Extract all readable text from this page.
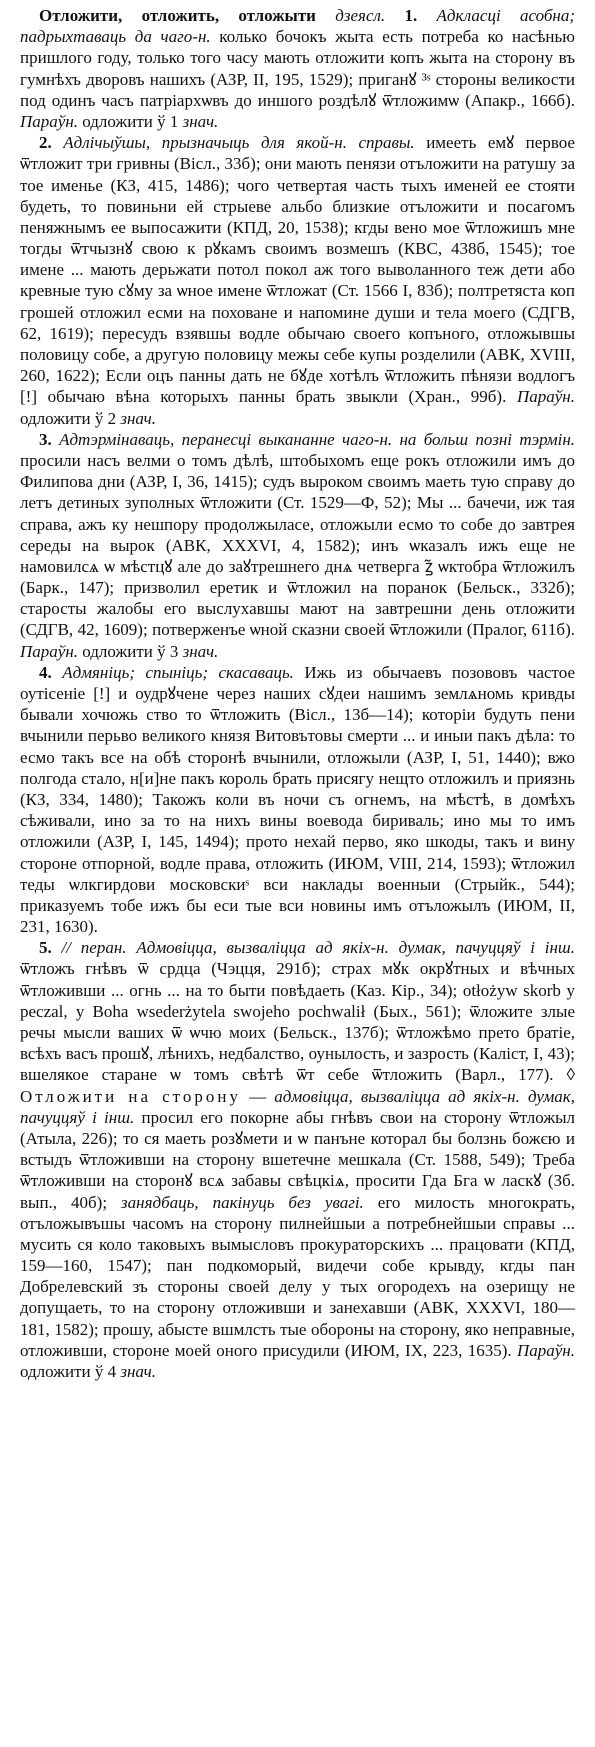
Отложити, отложить, отложыти дзеясл. 1. Адкласці асобна; падрыхтаваць да чаго-н. колько бочокъ жыта есть потреба ко насѣнью пришлого году, только того часу мають отложити копъ жыта на сторону въ гумнѣхъ дворовъ нашихъ (АЗР, II, 195, 1529); приганꙋ ³ˢ стороны великости под одинъ часъ патріархѡвъ до иншого роздѣлꙋ ѿтложимѡ (Апакр., 166б). Параўн. одложити ў 1 знач.

2. Адлічыўшы, прызначыць для якой-н. справы. имееть емꙋ первое ѿтложит три гривны (Вісл., 33б); они мають пенязи отъложити на ратушу за тое именье (КЗ, 415, 1486); чого четвертая часть тыхъ имeней ее стояти будеть, то повиньни ей стрыеве альбо близкие отъложити и посагомъ пеняжнымъ ее выпосажити (КПД, 20, 1538); кгды вено мое ѿтложишъ мне тогды ѿтчызнꙋ свою к рꙋкамъ своимъ возмешъ (КВС, 438б, 1545); тое имене ... мають дерьжати потол покол аж того выволанного теж дети або кревные тую сꙋму за ѡное имене ѿтложат (Ст. 1566 I, 83б); полтретяста коп грошей отложил есми на поховане и напомине души и тела моего (СДГВ, 62, 1619); пересудъ взявшы водле обычаю своего копъного, отложывшы половицу собе, а другую половицу межы себе купы розделили (АВК, XVIII, 260, 1622); Если оцъ панны дать не бꙋде хотѣлъ ѿтложить пѣнязи водлогъ [!] обычаю вѣна которыхъ панны брать звыкли (Хран., 99б). Параўн. одложити ў 2 знач.

3. Адтэрмінаваць, перанесці выкананне чаго-н. на больш позні тэрмін. просили насъ велми о томъ дѣлѣ, штобыхомъ еще рокъ отложили имъ до Филипова дни (АЗР, I, 36, 1415); судъ выроком своимъ маеть тую справу до летъ детиных зуполных ѿтложити (Ст. 1529—Ф, 52); Мы ... бачечи, иж тая справа, ажъ ку нешпору продолжыласе, отложыли есмо то собе до завтрея середы на вырок (АВК, XXXVI, 4, 1582); инъ ѡказалъ ижъ еще не намовилсѧ ѡ мѣстцꙋ але до заꙋтрешнего днѧ четверга ꙁ̃ ѡктобра ѿтложилъ (Барк., 147); призволил еретик и ѿтложил на поранок (Бельск., 332б); старосты жалобы его выслухавшы мают на завтрешни день отложити (СДГВ, 42, 1609); потверженъе ѡной сказни своей ѿтложили (Пралог, 611б). Параўн. одложити ў 3 знач.

4. Адмяніць; спыніць; скасаваць. Ижь из обычаевъ позововъ частое оутісеніе [!] и оудрꙋчене через наших сꙋдеи нашимъ землѧномь кривды бывали хочюжь ство то ѿтложить (Вісл., 13б—14); которіи будуть пени вчынили перьво великого князя Витовътовы смерти ... и иныи пакъ дѣла: то есмо такъ все на обѣ сторонѣ вчынили, отложыли (АЗР, I, 51, 1440); вжо полгода стало, н[и]не пакъ король брать присягу нещто отложилъ и приязнь (КЗ, 334, 1480); Такожъ коли въ ночи съ огнемъ, на мѣстѣ, в домѣхъ сѣживали, ино за то на нихъ вины воевода бириваль; ино мы то имъ отложили (АЗР, I, 145, 1494); прото нехай перво, яко шкоды, такъ и вину стороне отпорной, водле права, отложить (ИЮМ, VIII, 214, 1593); ѿтложил теды ѡлкгирдови московскиˢ вси наклады военныи (Стрыйк., 544); приказуемъ тобе ижъ бы еси тые вси новины имъ отъложылъ (ИЮМ, II, 231, 1630).

5. // перан. Адмовіцца, вызваліцца ад якіх-н. думак, пачуццяў і інш. ѿтложъ гнѣвъ ѿ срдца (Чэцця, 291б); страх мꙋк окрꙋтных и вѣчных ѿтложивши ... огнь ... на то быти повѣдаеть (Каз. Кір., 34); otłożyw skorb у peczal, у Boha wsederżytela swojeho pochwalił (Бых., 561); ѿложите злые речы мысли ваших ѿ ѡчю моих (Бельск., 137б); ѿтложѣмо прето братіе, всѣхъ васъ прошꙋ, лѣнихъ, недбалство, оунылость, и зазрость (Каліст, I, 43); вшелякое старане ѡ томъ свѣтѣ ѿт себе ѿтложить (Варл., 177). ◊ Отложити на сторону — адмовіцца, вызваліцца ад якіх-н. думак, пачуццяў і інш. просил его покорне абы гнѣвъ свои на сторону ѿтложыл (Атыла, 226); то ся маеть розꙋмети и ѡ панъне которал бы болзнь божєю и встыдъ ѿтложивши на сторону вшетечне мешкала (Ст. 1588, 549); Треба ѿтложивши на сторонꙋ всѧ забавы свѣцкіѧ, просити Гда Бга ѡ ласкꙋ (Зб. вып., 40б); занядбаць, пакінуць без увагі. его милость многократь, отъложывъшы часомъ на сторону пилнейшыи а потребнейшыи справы ... мусить ся коло таковыхъ вымысловъ прокураторскихъ ... працовати (КПД, 159—160, 1547); пан подкоморый, видечи собе крывду, кгды пан Добрелевский зъ стороны своей делу у тых огородехъ на озерищу не допущаеть, то на сторону отложивши и занехавши (АВК, XXXVI, 180—181, 1582); прошу, абысте вшмлсть тые обороны на сторону, яко неправные, отложивши, стороне моей оного присудили (ИЮМ, IX, 223, 1635). Параўн. одложити ў 4 знач.
